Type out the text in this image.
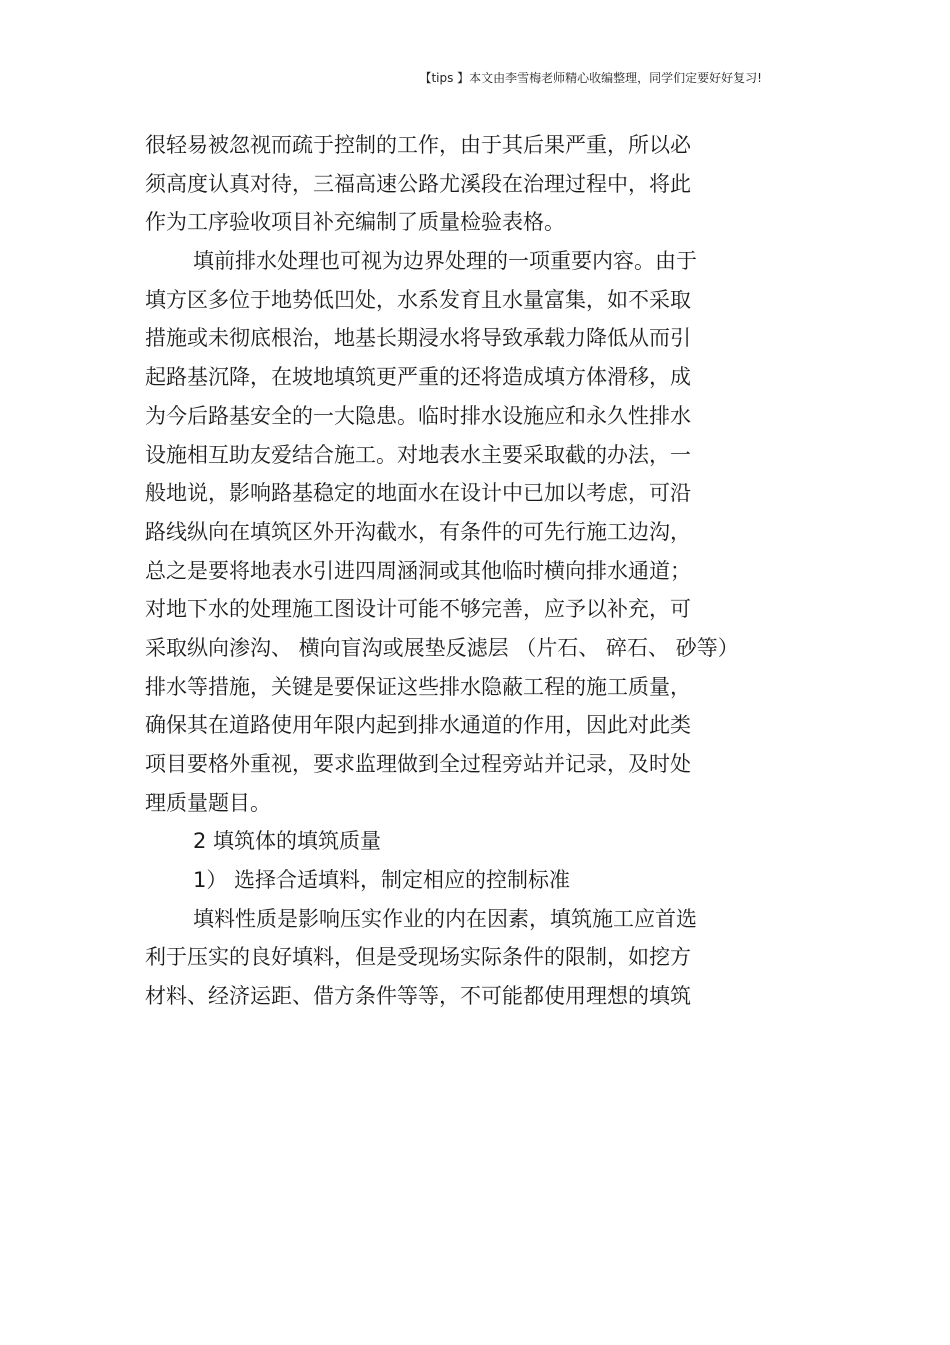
【tips 】本文由李雪梅老师精心收编整理，同学们定要好好复习!
很轻易被忽视而疏于控制的工作，由于其后果严重，所以必
须高度认真对待，三福高速公路尤溪段在治理过程中，将此
作为工序验收项目补充编制了质量检验表格。
填前排水处理也可视为边界处理的一项重要内容。由于
填方区多位于地势低凹处，水系发育且水量富集，如不采取
措施或未彻底根治，地基长期浸水将导致承载力降低从而引
起路基沉降，在坡地填筑更严重的还将造成填方体滑移，成
为今后路基安全的一大隐患。临时排水设施应和永久性排水
设施相互助友爱结合施工。对地表水主要采取截的办法，一
般地说，影响路基稳定的地面水在设计中已加以考虑，可沿
路线纵向在填筑区外开沟截水，有条件的可先行施工边沟，
总之是要将地表水引进四周涵洞或其他临时横向排水通道；
对地下水的处理施工图设计可能不够完善，应予以补充，可
采取纵向渗沟、 横向盲沟或展垫反滤层 （片石、 碎石、 砂等）
排水等措施，关键是要保证这些排水隐蔽工程的施工质量，
确保其在道路使用年限内起到排水通道的作用，因此对此类
项目要格外重视，要求监理做到全过程旁站并记录，及时处
理质量题目。
2 填筑体的填筑质量
1） 选择合适填料，制定相应的控制标准
填料性质是影响压实作业的内在因素，填筑施工应首选
利于压实的良好填料，但是受现场实际条件的限制，如挖方
材料、经济运距、借方条件等等，不可能都使用理想的填筑
